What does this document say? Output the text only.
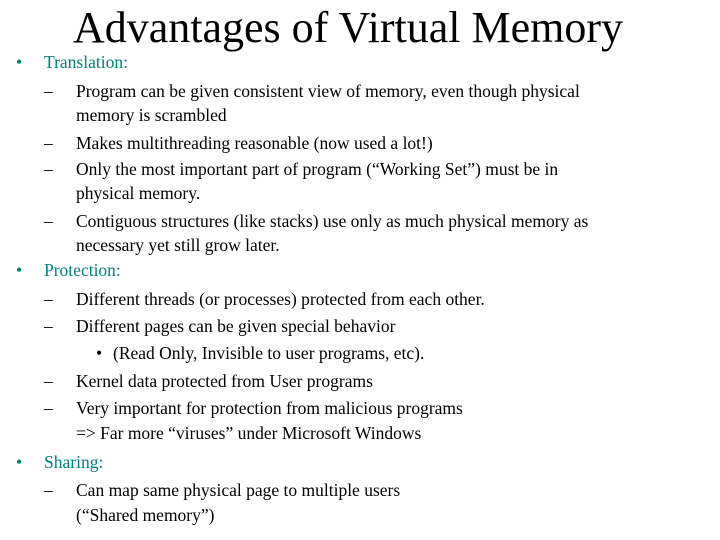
Advantages of Virtual Memory
• Translation:
– Program can be given consistent view of memory, even though physical
memory is scrambled
– Makes multithreading reasonable (now used a lot!)
– Only the most important part of program (“Working Set”) must be in
physical memory.
– Contiguous structures (like stacks) use only as much physical memory as
necessary yet still grow later.
• Protection:
– Different threads (or processes) protected from each other.
– Different pages can be given special behavior
• (Read Only, Invisible to user programs, etc).
– Kernel data protected from User programs
– Very important for protection from malicious programs
=> Far more “viruses” under Microsoft Windows
• Sharing:
– Can map same physical page to multiple users
(“Shared memory”)
